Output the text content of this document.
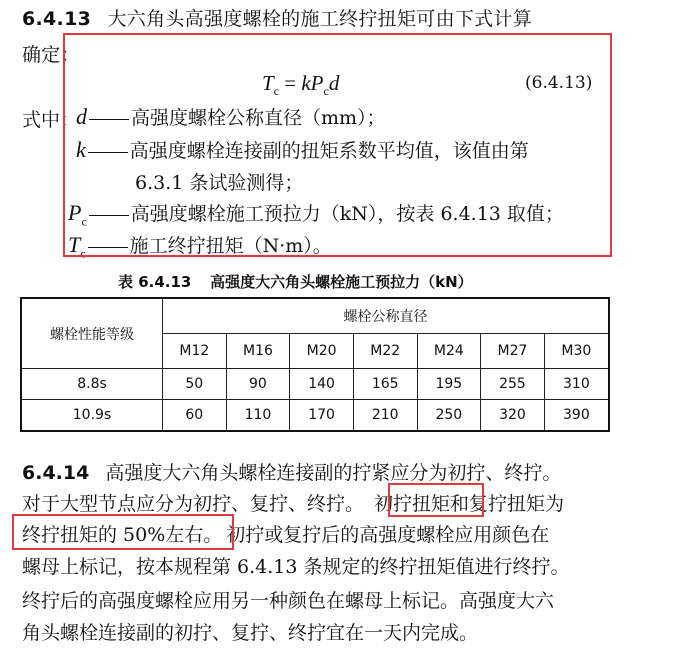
6.4.13 大六角头高强度螺栓的施工终拧扭矩可由下式计算
确定：
$T_c = kP_cd$	(6.4.13)
式中：
d 高强度螺栓公称直径（mm）；
k 高强度螺栓连接副的扭矩系数平均值，该值由第
6.3.1 条试验测得；
$P_c$ 高强度螺栓施工预拉力（kN），按表 6.4.13 取值；
$T_c$ 施工终拧扭矩（N·m）。
表 6.4.13 高强度大六角头螺栓施工预拉力（kN）
螺栓性能等级	螺栓公称直径						
	M12	M16	M20	M22	M24	M27	M30
8.8s	50	90	140	165	195	255	310
10.9s	60	110	170	210	250	320	390
6.4.14 高强度大六角头螺栓连接副的拧紧应分为初拧、终拧。
对于大型节点应分为初拧、复拧、终拧。 初拧扭矩和复拧扭矩为
终拧扭矩的 50%左右。 初拧或复拧后的高强度螺栓应用颜色在
螺母上标记，按本规程第 6.4.13 条规定的终拧扭矩值进行终拧。
终拧后的高强度螺栓应用另一种颜色在螺母上标记。高强度大六
角头螺栓连接副的初拧、复拧、终拧宜在一天内完成。
